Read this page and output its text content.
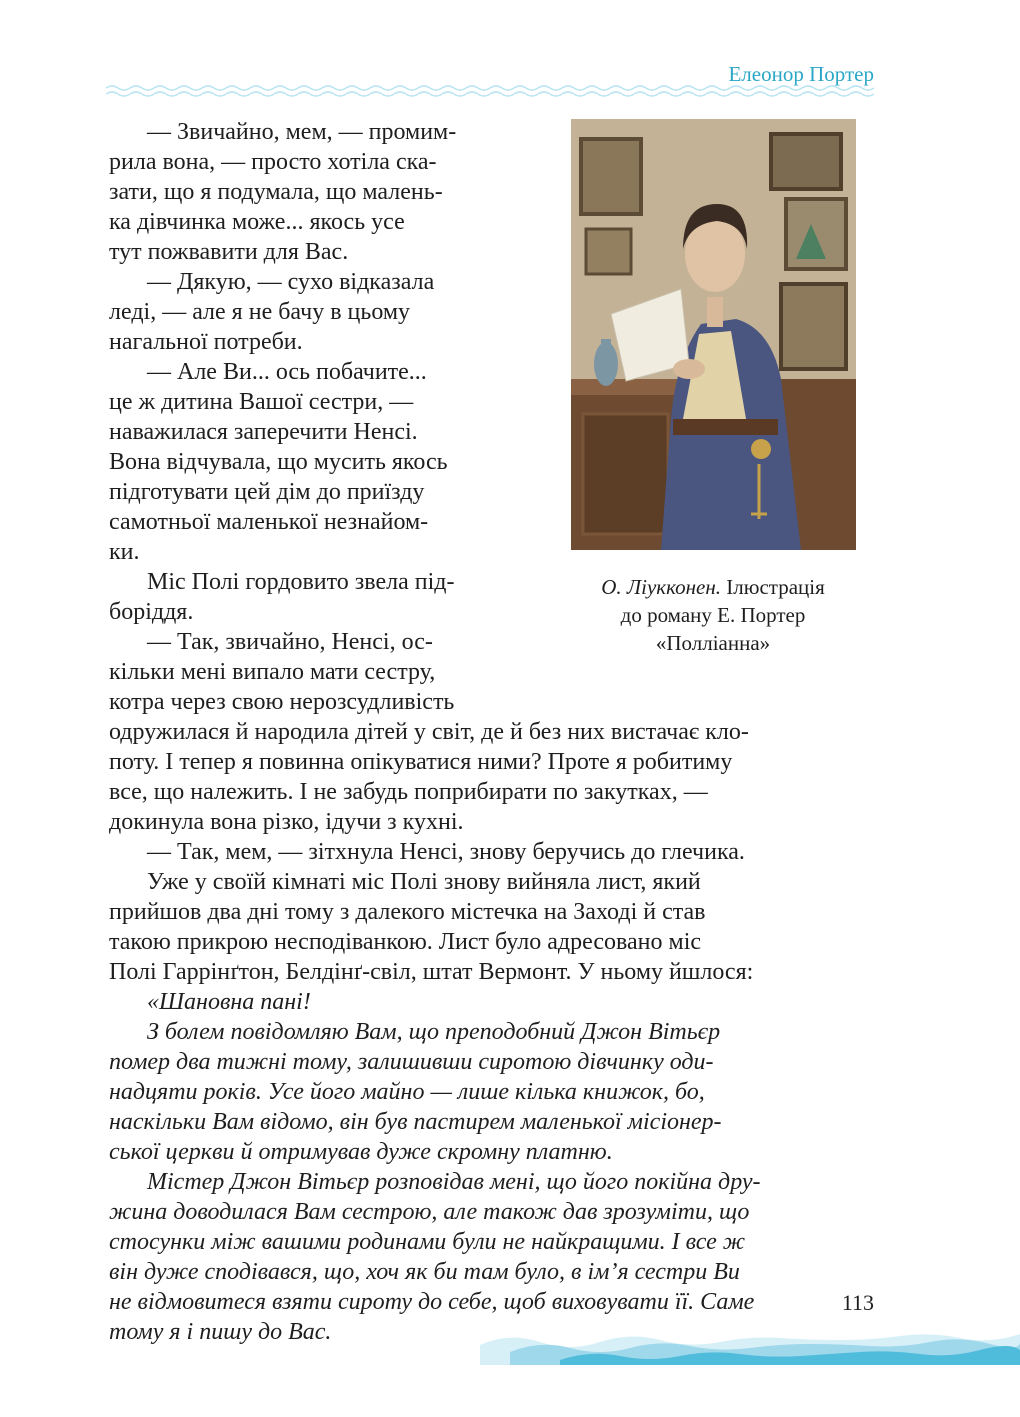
Елеонор Портер
О. Ліукконен. Ілюстрація
до роману Е. Портер
«Полліанна»
— Звичайно, мем, — промим-
рила вона, — просто хотіла ска-
зати, що я подумала, що малень-
ка дівчинка може... якось усе
тут пожвавити для Вас.
— Дякую, — сухо відказала
леді, — але я не бачу в цьому
нагальної потреби.
— Але Ви... ось побачите...
це ж дитина Вашої сестри, —
наважилася заперечити Ненсі.
Вона відчувала, що мусить якось
підготувати цей дім до приїзду
самотньої маленької незнайом-
ки.
Міс Полі гордовито звела під-
боріддя.
— Так, звичайно, Ненсі, ос-
кільки мені випало мати сестру,
котра через свою нерозсудливість
одружилася й народила дітей у світ, де й без них вистачає кло-
поту. І тепер я повинна опікуватися ними? Проте я робитиму
все, що належить. І не забудь поприбирати по закутках, —
докинула вона різко, ідучи з кухні.
— Так, мем, — зітхнула Ненсі, знову беручись до глечика.
Уже у своїй кімнаті міс Полі знову вийняла лист, який
прийшов два дні тому з далекого містечка на Заході й став
такою прикрою несподіванкою. Лист було адресовано міс
Полі Гаррінґтон, Белдінґ-свіл, штат Вермонт. У ньому йшлося:
«Шановна пані!
З болем повідомляю Вам, що преподобний Джон Вітьєр
помер два тижні тому, залишивши сиротою дівчинку оди-
надцяти років. Усе його майно — лише кілька книжок, бо,
наскільки Вам відомо, він був пастирем маленької місіонер-
ської церкви й отримував дуже скромну платню.
Містер Джон Вітьєр розповідав мені, що його покійна дру-
жина доводилася Вам сестрою, але також дав зрозуміти, що
стосунки між вашими родинами були не найкращими. І все ж
він дуже сподівався, що, хоч як би там було, в ім’я сестри Ви
не відмовитеся взяти сироту до себе, щоб виховувати її. Саме
тому я і пишу до Вас.
113
